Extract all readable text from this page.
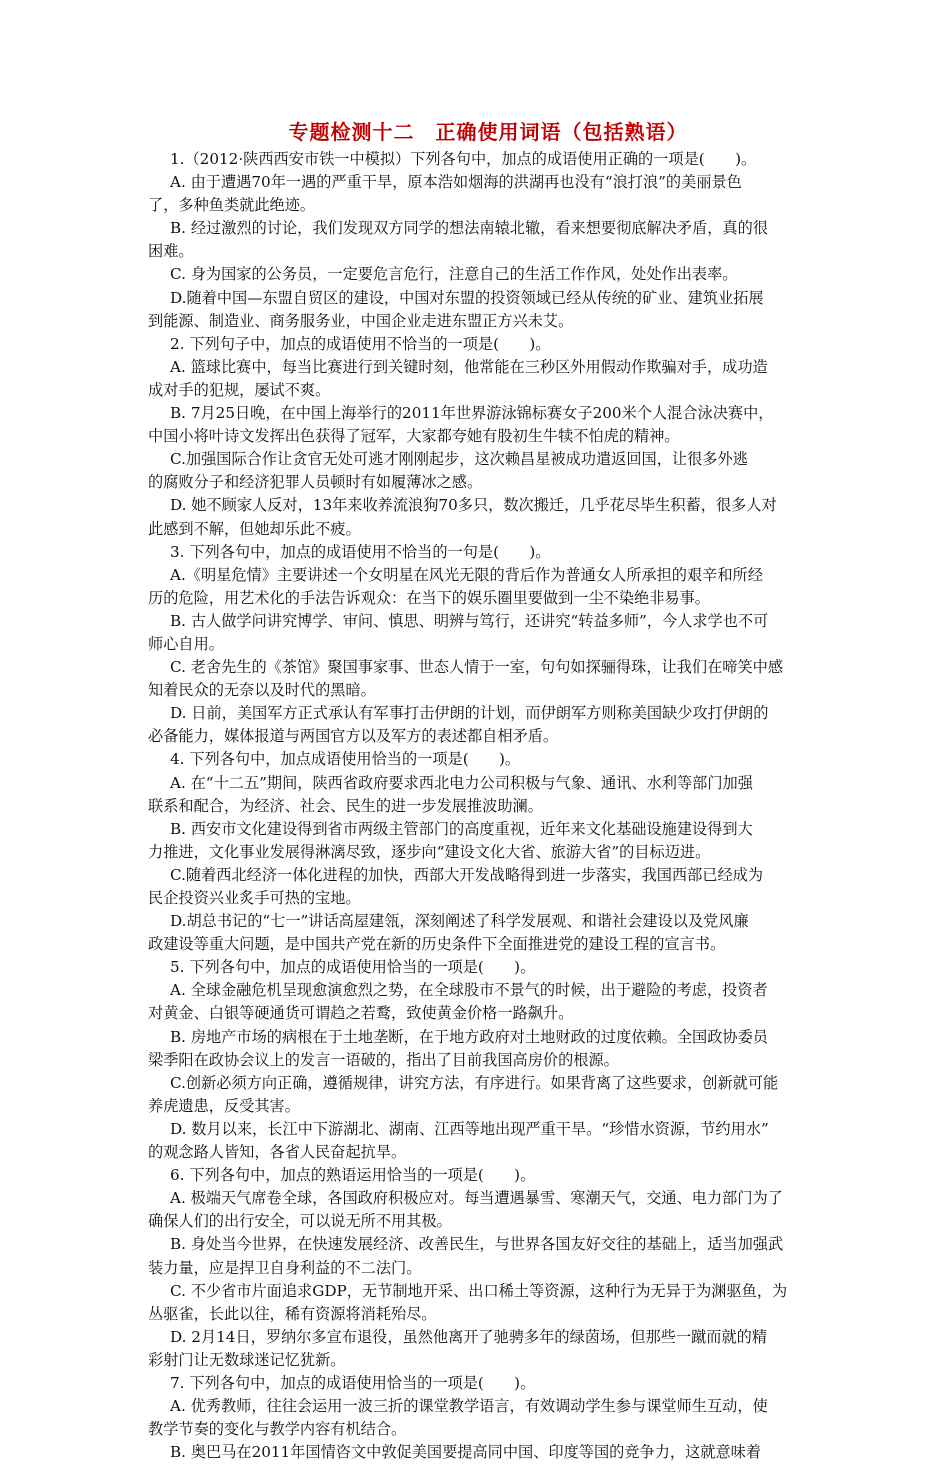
专题检测十二　正确使用词语（包括熟语）
1.（2012·陕西西安市铁一中模拟）下列各句中，加点的成语使用正确的一项是(　　)。
A. 由于遭遇70年一遇的严重干旱，原本浩如烟海的洪湖再也没有“浪打浪”的美丽景色
了，多种鱼类就此绝迹。
B. 经过激烈的讨论，我们发现双方同学的想法南辕北辙，看来想要彻底解决矛盾，真的很
困难。
C. 身为国家的公务员，一定要危言危行，注意自己的生活工作作风，处处作出表率。
D.随着中国—东盟自贸区的建设，中国对东盟的投资领域已经从传统的矿业、建筑业拓展
到能源、制造业、商务服务业，中国企业走进东盟正方兴未艾。
2. 下列句子中，加点的成语使用不恰当的一项是(　　)。
A. 篮球比赛中，每当比赛进行到关键时刻，他常能在三秒区外用假动作欺骗对手，成功造
成对手的犯规，屡试不爽。
B. 7月25日晚，在中国上海举行的2011年世界游泳锦标赛女子200米个人混合泳决赛中，
中国小将叶诗文发挥出色获得了冠军，大家都夸她有股初生牛犊不怕虎的精神。
C.加强国际合作让贪官无处可逃才刚刚起步，这次赖昌星被成功遣返回国，让很多外逃
的腐败分子和经济犯罪人员顿时有如履薄冰之感。
D. 她不顾家人反对，13年来收养流浪狗70多只，数次搬迁，几乎花尽毕生积蓄，很多人对
此感到不解，但她却乐此不疲。
3. 下列各句中，加点的成语使用不恰当的一句是(　　)。
A.《明星危情》主要讲述一个女明星在风光无限的背后作为普通女人所承担的艰辛和所经
历的危险，用艺术化的手法告诉观众：在当下的娱乐圈里要做到一尘不染绝非易事。
B. 古人做学问讲究博学、审问、慎思、明辨与笃行，还讲究“转益多师”，今人求学也不可
师心自用。
C. 老舍先生的《茶馆》聚国事家事、世态人情于一室，句句如探骊得珠，让我们在啼笑中感
知着民众的无奈以及时代的黑暗。
D. 日前，美国军方正式承认有军事打击伊朗的计划，而伊朗军方则称美国缺少攻打伊朗的
必备能力，媒体报道与两国官方以及军方的表述都自相矛盾。
4. 下列各句中，加点成语使用恰当的一项是(　　)。
A. 在“十二五”期间，陕西省政府要求西北电力公司积极与气象、通讯、水利等部门加强
联系和配合，为经济、社会、民生的进一步发展推波助澜。
B. 西安市文化建设得到省市两级主管部门的高度重视，近年来文化基础设施建设得到大
力推进，文化事业发展得淋漓尽致，逐步向“建设文化大省、旅游大省”的目标迈进。
C.随着西北经济一体化进程的加快，西部大开发战略得到进一步落实，我国西部已经成为
民企投资兴业炙手可热的宝地。
D.胡总书记的“七一”讲话高屋建瓴，深刻阐述了科学发展观、和谐社会建设以及党风廉
政建设等重大问题，是中国共产党在新的历史条件下全面推进党的建设工程的宣言书。
5. 下列各句中，加点的成语使用恰当的一项是(　　)。
A. 全球金融危机呈现愈演愈烈之势，在全球股市不景气的时候，出于避险的考虑，投资者
对黄金、白银等硬通货可谓趋之若鹜，致使黄金价格一路飙升。
B. 房地产市场的病根在于土地垄断，在于地方政府对土地财政的过度依赖。全国政协委员
梁季阳在政协会议上的发言一语破的，指出了目前我国高房价的根源。
C.创新必须方向正确，遵循规律，讲究方法，有序进行。如果背离了这些要求，创新就可能
养虎遗患，反受其害。
D. 数月以来，长江中下游湖北、湖南、江西等地出现严重干旱。“珍惜水资源，节约用水”
的观念路人皆知，各省人民奋起抗旱。
6. 下列各句中，加点的熟语运用恰当的一项是(　　)。
A. 极端天气席卷全球，各国政府积极应对。每当遭遇暴雪、寒潮天气，交通、电力部门为了
确保人们的出行安全，可以说无所不用其极。
B. 身处当今世界，在快速发展经济、改善民生，与世界各国友好交往的基础上，适当加强武
装力量，应是捍卫自身利益的不二法门。
C. 不少省市片面追求GDP，无节制地开采、出口稀土等资源，这种行为无异于为渊驱鱼，为
丛驱雀，长此以往，稀有资源将消耗殆尽。
D. 2月14日，罗纳尔多宣布退役，虽然他离开了驰骋多年的绿茵场，但那些一蹴而就的精
彩射门让无数球迷记忆犹新。
7. 下列各句中，加点的成语使用恰当的一项是(　　)。
A. 优秀教师，往往会运用一波三折的课堂教学语言，有效调动学生参与课堂师生互动，使
教学节奏的变化与教学内容有机结合。
B. 奥巴马在2011年国情咨文中敦促美国要提高同中国、印度等国的竞争力，这就意味着
